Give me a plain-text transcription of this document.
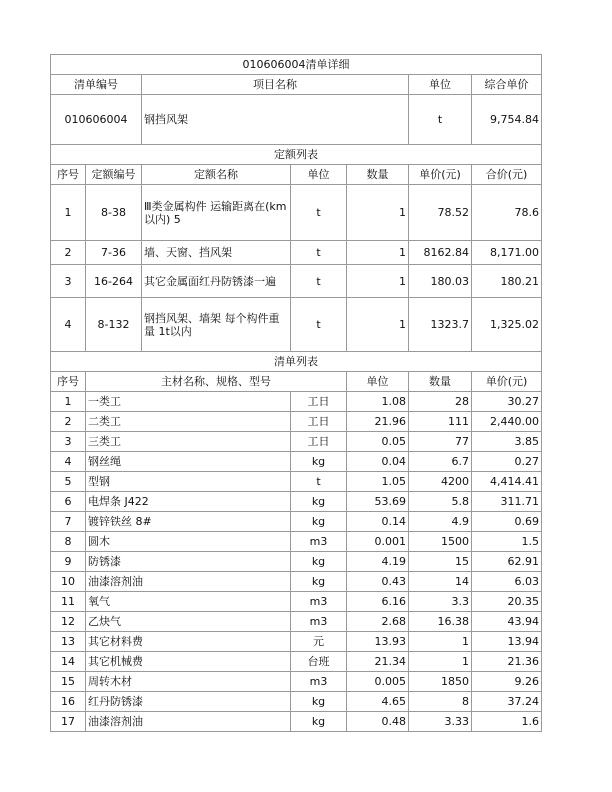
010606004清单详细							
清单编号		项目名称			单位	综合单价	
010606004		钢挡风架			t	9,754.84	
定额列表							
序号	定额编号	定额名称	单位	数量	单价(元)	合价(元)	
1	8-38	Ⅲ类金属构件 运输距离在(km以内) 5	t	1	78.52	78.6	
2	7-36	墙、天窗、挡风架	t	1	8162.84	8,171.00	
3	16-264	其它金属面红丹防锈漆一遍	t	1	180.03	180.21	
4	8-132	钢挡风架、墙架 每个构件重量 1t以内	t	1	1323.7	1,325.02	
清单列表							
序号	主材名称、规格、型号			单位	数量	单价(元)	
1	一类工		工日	1.08	28	30.27	
2	二类工		工日	21.96	111	2,440.00	
3	三类工		工日	0.05	77	3.85	
4	钢丝绳		kg	0.04	6.7	0.27	
5	型钢		t	1.05	4200	4,414.41	
6	电焊条 J422		kg	53.69	5.8	311.71	
7	镀锌铁丝 8#		kg	0.14	4.9	0.69	
8	圆木		m3	0.001	1500	1.5	
9	防锈漆		kg	4.19	15	62.91	
10	油漆溶剂油		kg	0.43	14	6.03	
11	氧气		m3	6.16	3.3	20.35	
12	乙炔气		m3	2.68	16.38	43.94	
13	其它材料费		元	13.93	1	13.94	
14	其它机械费		台班	21.34	1	21.36	
15	周转木材		m3	0.005	1850	9.26	
16	红丹防锈漆		kg	4.65	8	37.24	
17	油漆溶剂油		kg	0.48	3.33	1.6	
